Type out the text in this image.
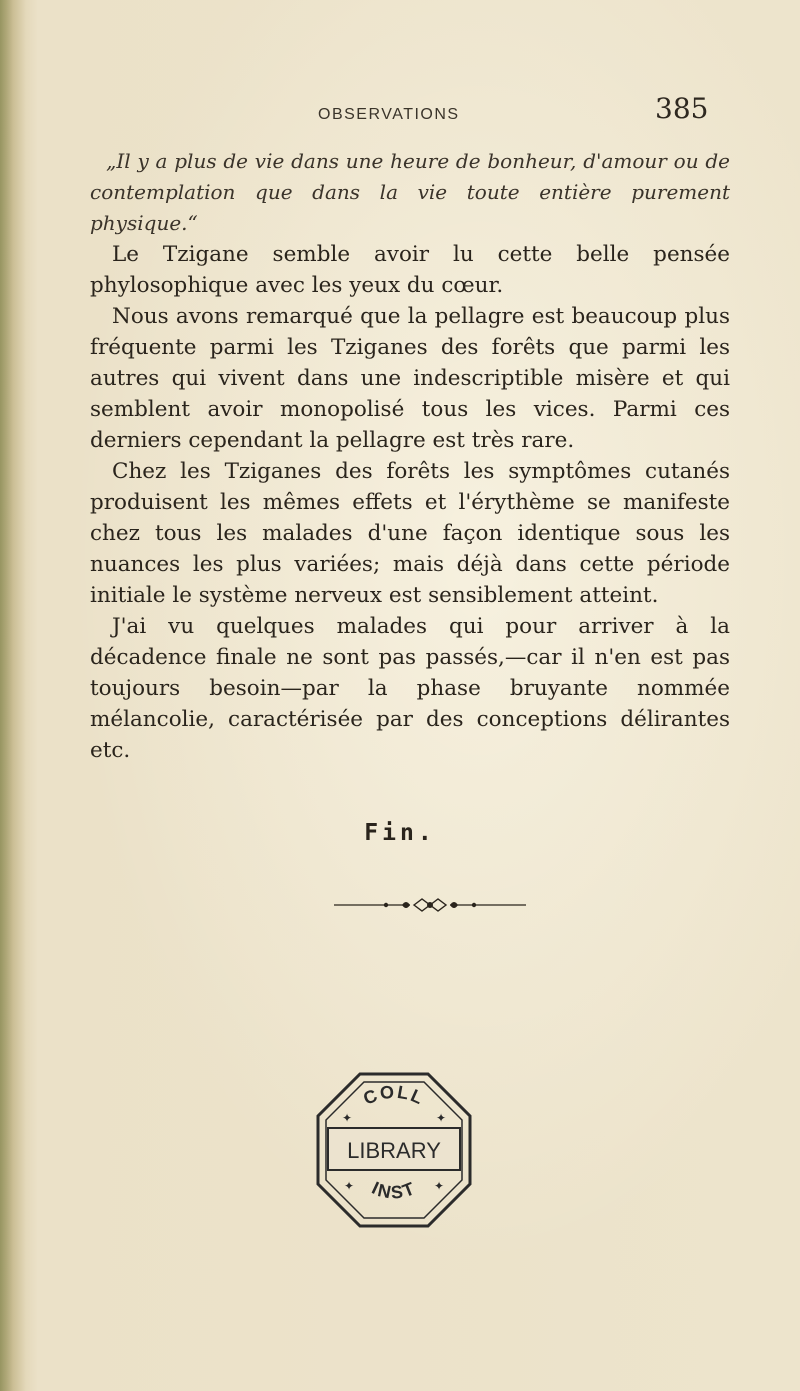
OBSERVATIONS	385

„Il y a plus de vie dans une heure de bonheur, d'amour ou de contemplation que dans la vie toute entière purement physique.“

Le Tzigane semble avoir lu cette belle pensée phylosophique avec les yeux du cœur.

Nous avons remarqué que la pellagre est beaucoup plus fréquente parmi les Tziganes des forêts que parmi les autres qui vivent dans une indescriptible misère et qui semblent avoir monopolisé tous les vices. Parmi ces derniers cependant la pellagre est très rare.

Chez les Tziganes des forêts les symptômes cutanés produisent les mêmes effets et l'érythème se manifeste chez tous les malades d'une façon identique sous les nuances les plus variées; mais déjà dans cette période initiale le système nerveux est sensiblement atteint.

J'ai vu quelques malades qui pour arriver à la décadence finale ne sont pas passés,—car il n'en est pas toujours besoin—par la phase bruyante nommée mélancolie, caractérisée par des conceptions délirantes etc.

Fin.
LIBRARY
COLL
INST
✦	✦
✦	✦
